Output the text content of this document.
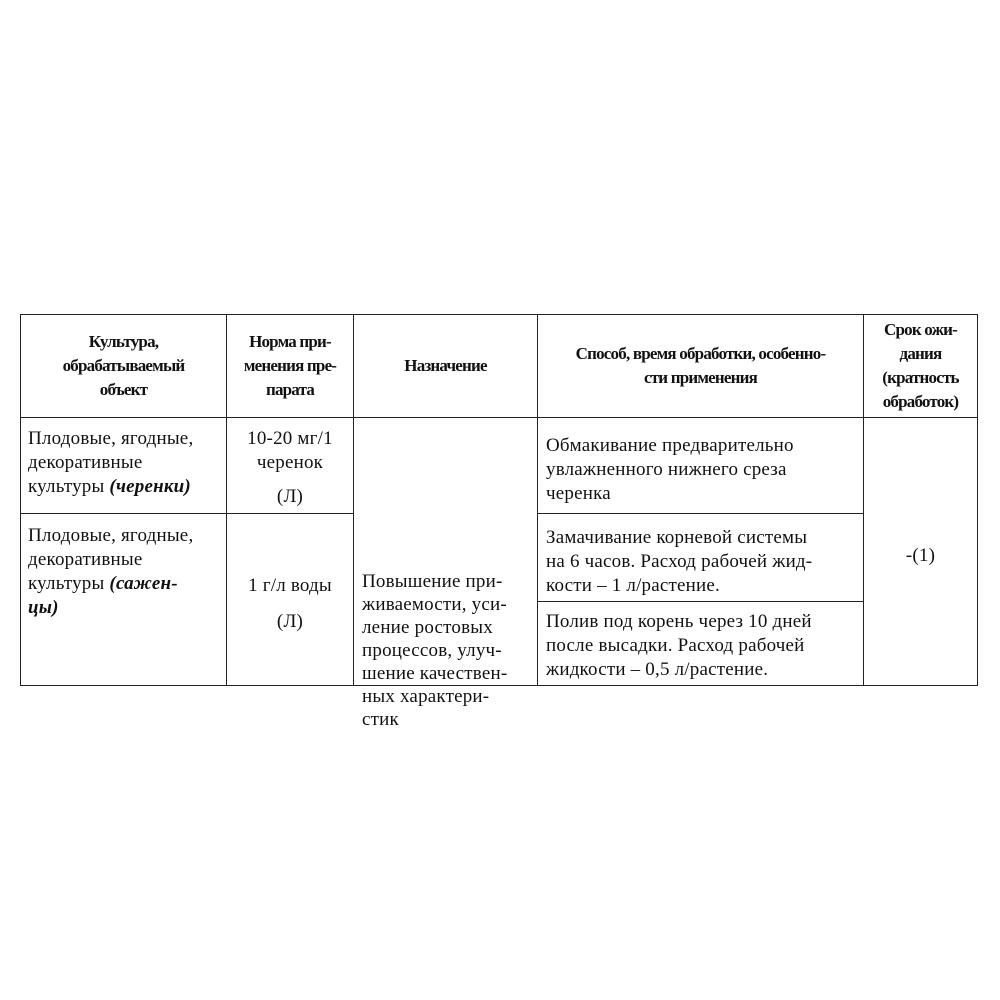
Культура,
обрабатываемый
объект
Норма при-
менения пре-
парата
Назначение
Способ, время обработки, особенно-
сти применения
Срок ожи-
дания
(кратность
обработок)
Плодовые, ягодные,
декоративные
культуры (черенки)
10-20 мг/1
черенок
(Л)
Повышение при-
живаемости, уси-
ление ростовых
процессов, улуч-
шение качествен-
ных характери-
стик
Обмакивание предварительно
увлажненного нижнего среза
черенка
-(1)
Плодовые, ягодные,
декоративные
культуры (сажен-
цы)
1 г/л воды
(Л)
Замачивание корневой системы
на 6 часов. Расход рабочей жид-
кости – 1 л/растение.
Полив под корень через 10 дней
после высадки. Расход рабочей
жидкости – 0,5 л/растение.
